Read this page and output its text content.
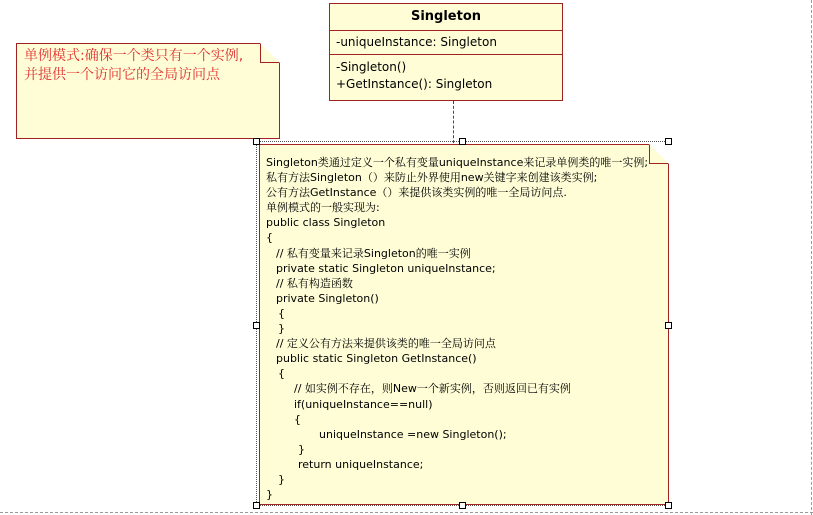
Singleton
-uniqueInstance: Singleton
-Singleton()
+GetInstance(): Singleton
单例模式:确保一个类只有一个实例,
并提供一个访问它的全局访问点
Singleton类通过定义一个私有变量uniqueInstance来记录单例类的唯一实例;
私有方法Singleton（）来防止外界使用new关键字来创建该类实例;
公有方法GetInstance（）来提供该类实例的唯一全局访问点.
单例模式的一般实现为:
public class Singleton
{
// 私有变量来记录Singleton的唯一实例
private static Singleton uniqueInstance;
// 私有构造函数
private Singleton()
{
}
// 定义公有方法来提供该类的唯一全局访问点
public static Singleton GetInstance()
{
// 如实例不存在，则New一个新实例，否则返回已有实例
if(uniqueInstance==null)
{
uniqueInstance =new Singleton();
}
return uniqueInstance;
}
}
